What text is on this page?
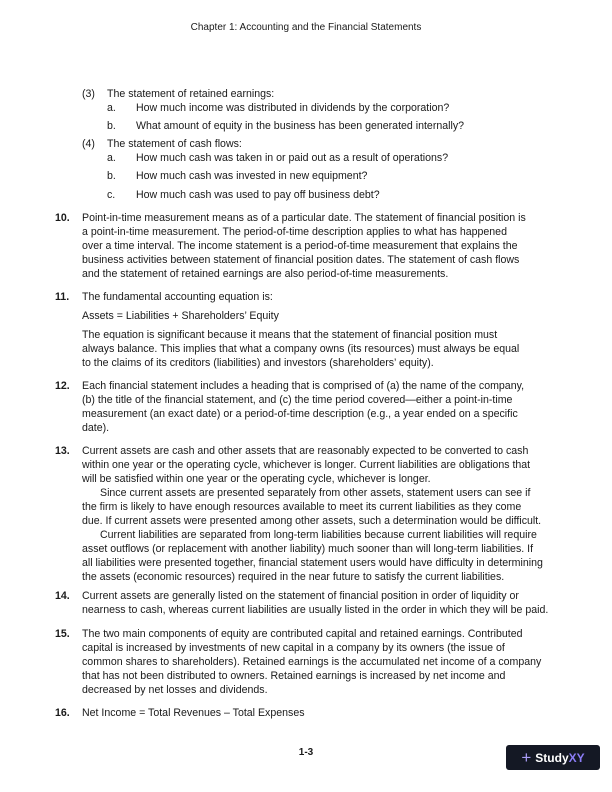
Chapter 1: Accounting and the Financial Statements
(3) The statement of retained earnings:
a. How much income was distributed in dividends by the corporation?
b. What amount of equity in the business has been generated internally?
(4) The statement of cash flows:
a. How much cash was taken in or paid out as a result of operations?
b. How much cash was invested in new equipment?
c. How much cash was used to pay off business debt?
10. Point-in-time measurement means as of a particular date. The statement of financial position is
a point-in-time measurement. The period-of-time description applies to what has happened
over a time interval. The income statement is a period-of-time measurement that explains the
business activities between statement of financial position dates. The statement of cash flows
and the statement of retained earnings are also period-of-time measurements.
11. The fundamental accounting equation is:
Assets = Liabilities + Shareholders’ Equity
The equation is significant because it means that the statement of financial position must
always balance. This implies that what a company owns (its resources) must always be equal
to the claims of its creditors (liabilities) and investors (shareholders’ equity).
12. Each financial statement includes a heading that is comprised of (a) the name of the company,
(b) the title of the financial statement, and (c) the time period covered—either a point-in-time
measurement (an exact date) or a period-of-time description (e.g., a year ended on a specific
date).
13. Current assets are cash and other assets that are reasonably expected to be converted to cash
within one year or the operating cycle, whichever is longer. Current liabilities are obligations that
will be satisfied within one year or the operating cycle, whichever is longer.
Since current assets are presented separately from other assets, statement users can see if
the firm is likely to have enough resources available to meet its current liabilities as they come
due. If current assets were presented among other assets, such a determination would be difficult.
Current liabilities are separated from long-term liabilities because current liabilities will require
asset outflows (or replacement with another liability) much sooner than will long-term liabilities. If
all liabilities were presented together, financial statement users would have difficulty in determining
the assets (economic resources) required in the near future to satisfy the current liabilities.
14. Current assets are generally listed on the statement of financial position in order of liquidity or
nearness to cash, whereas current liabilities are usually listed in the order in which they will be paid.
15. The two main components of equity are contributed capital and retained earnings. Contributed
capital is increased by investments of new capital in a company by its owners (the issue of
common shares to shareholders). Retained earnings is the accumulated net income of a company
that has not been distributed to owners. Retained earnings is increased by net income and
decreased by net losses and dividends.
16. Net Income = Total Revenues – Total Expenses
1-3	+ StudyXY
